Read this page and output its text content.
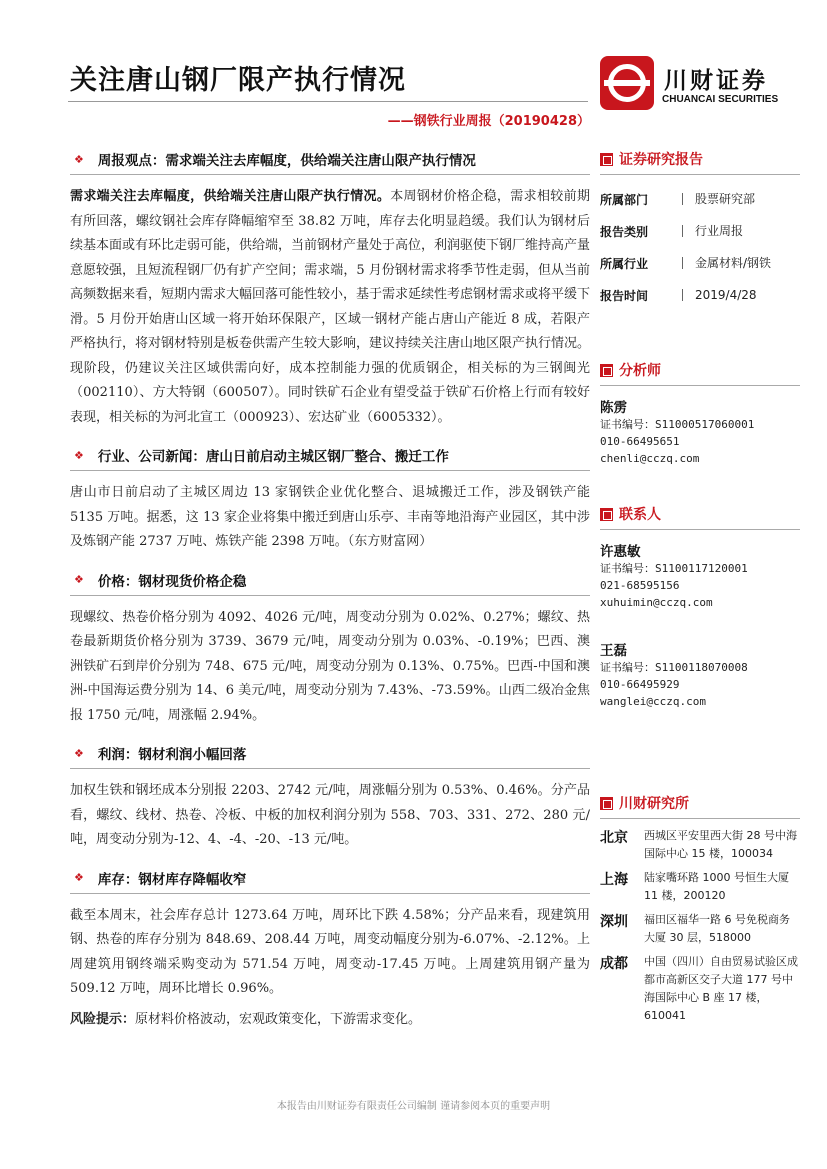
关注唐山钢厂限产执行情况
——钢铁行业周报（20190428）
川财证券
CHUANCAI SECURITIES
❖ 周报观点：需求端关注去库幅度，供给端关注唐山限产执行情况

需求端关注去库幅度，供给端关注唐山限产执行情况。本周钢材价格企稳，需求相较前期有所回落，螺纹钢社会库存降幅缩窄至 38.82 万吨，库存去化明显趋缓。我们认为钢材后续基本面或有环比走弱可能，供给端，当前钢材产量处于高位，利润驱使下钢厂维持高产量意愿较强，且短流程钢厂仍有扩产空间；需求端，5 月份钢材需求将季节性走弱，但从当前高频数据来看，短期内需求大幅回落可能性较小，基于需求延续性考虑钢材需求或将平缓下滑。5 月份开始唐山区域一将开始环保限产，区域一钢材产能占唐山产能近 8 成，若限产严格执行，将对钢材特别是板卷供需产生较大影响，建议持续关注唐山地区限产执行情况。现阶段，仍建议关注区域供需向好，成本控制能力强的优质钢企，相关标的为三钢闽光（002110）、方大特钢（600507）。同时铁矿石企业有望受益于铁矿石价格上行而有较好表现，相关标的为河北宣工（000923）、宏达矿业（6005332）。

❖ 行业、公司新闻：唐山日前启动主城区钢厂整合、搬迁工作

唐山市日前启动了主城区周边 13 家钢铁企业优化整合、退城搬迁工作，涉及钢铁产能 5135 万吨。据悉，这 13 家企业将集中搬迁到唐山乐亭、丰南等地沿海产业园区，其中涉及炼钢产能 2737 万吨、炼铁产能 2398 万吨。（东方财富网）

❖ 价格：钢材现货价格企稳

现螺纹、热卷价格分别为 4092、4026 元/吨，周变动分别为 0.02%、0.27%；螺纹、热卷最新期货价格分别为 3739、3679 元/吨，周变动分别为 0.03%、-0.19%；巴西、澳洲铁矿石到岸价分别为 748、675 元/吨，周变动分别为 0.13%、0.75%。巴西-中国和澳洲-中国海运费分别为 14、6 美元/吨，周变动分别为 7.43%、-73.59%。山西二级冶金焦报 1750 元/吨，周涨幅 2.94%。

❖ 利润：钢材利润小幅回落

加权生铁和钢坯成本分别报 2203、2742 元/吨，周涨幅分别为 0.53%、0.46%。分产品看，螺纹、线材、热卷、冷板、中板的加权利润分别为 558、703、331、272、280 元/吨，周变动分别为-12、4、-4、-20、-13 元/吨。

❖ 库存：钢材库存降幅收窄

截至本周末，社会库存总计 1273.64 万吨，周环比下跌 4.58%；分产品来看，现建筑用钢、热卷的库存分别为 848.69、208.44 万吨，周变动幅度分别为-6.07%、-2.12%。上周建筑用钢终端采购变动为 571.54 万吨，周变动-17.45 万吨。上周建筑用钢产量为 509.12 万吨，周环比增长 0.96%。

风险提示：原材料价格波动，宏观政策变化，下游需求变化。

证券研究报告
所属部门	股票研究部
报告类别	行业周报
所属行业	金属材料/钢铁
报告时间	2019/4/28
分析师
陈雳
证书编号：S1100051706​0001
010-66495651
chenli@cczq.com
联系人
许惠敏
证书编号：S1100117120001
021-68595156
xuhuimin@cczq.com
王磊
证书编号：S1100118070008
010-66495929
wanglei@cczq.com
川财研究所
北京	西城区平安里西大街 28 号中海国际中心 15 楼，100034
上海	陆家嘴环路 1000 号恒生大厦 11 楼，200120
深圳	福田区福华一路 6 号免税商务大厦 30 层，518000
成都	中国（四川）自由贸易试验区成都市高新区交子大道 177 号中海国际中心 B 座 17 楼，610041
本报告由川财证券有限责任公司编制 谨请参阅本页的重要声明
